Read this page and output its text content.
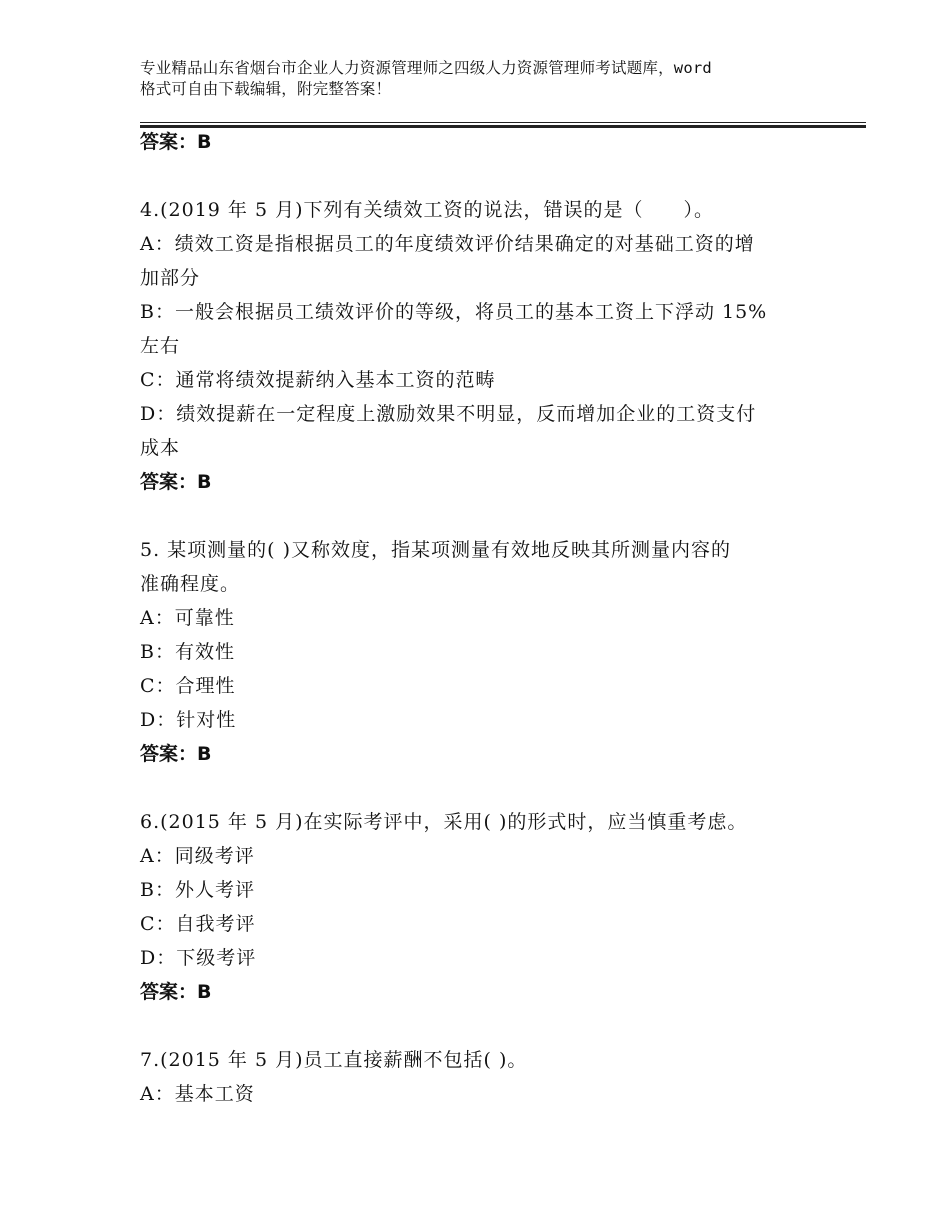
专业精品山东省烟台市企业人力资源管理师之四级人力资源管理师考试题库，word
格式可自由下载编辑，附完整答案！
答案：B
4.(2019 年 5 月)下列有关绩效工资的说法，错误的是（　　）。
A：绩效工资是指根据员工的年度绩效评价结果确定的对基础工资的增
加部分
B：一般会根据员工绩效评价的等级，将员工的基本工资上下浮动 15%
左右
C：通常将绩效提薪纳入基本工资的范畴
D：绩效提薪在一定程度上激励效果不明显，反而增加企业的工资支付
成本
答案：B
5. 某项测量的( )又称效度，指某项测量有效地反映其所测量内容的
准确程度。
A：可靠性
B：有效性
C：合理性
D：针对性
答案：B
6.(2015 年 5 月)在实际考评中，采用( )的形式时，应当慎重考虑。
A：同级考评
B：外人考评
C：自我考评
D：下级考评
答案：B
7.(2015 年 5 月)员工直接薪酬不包括( )。
A：基本工资
